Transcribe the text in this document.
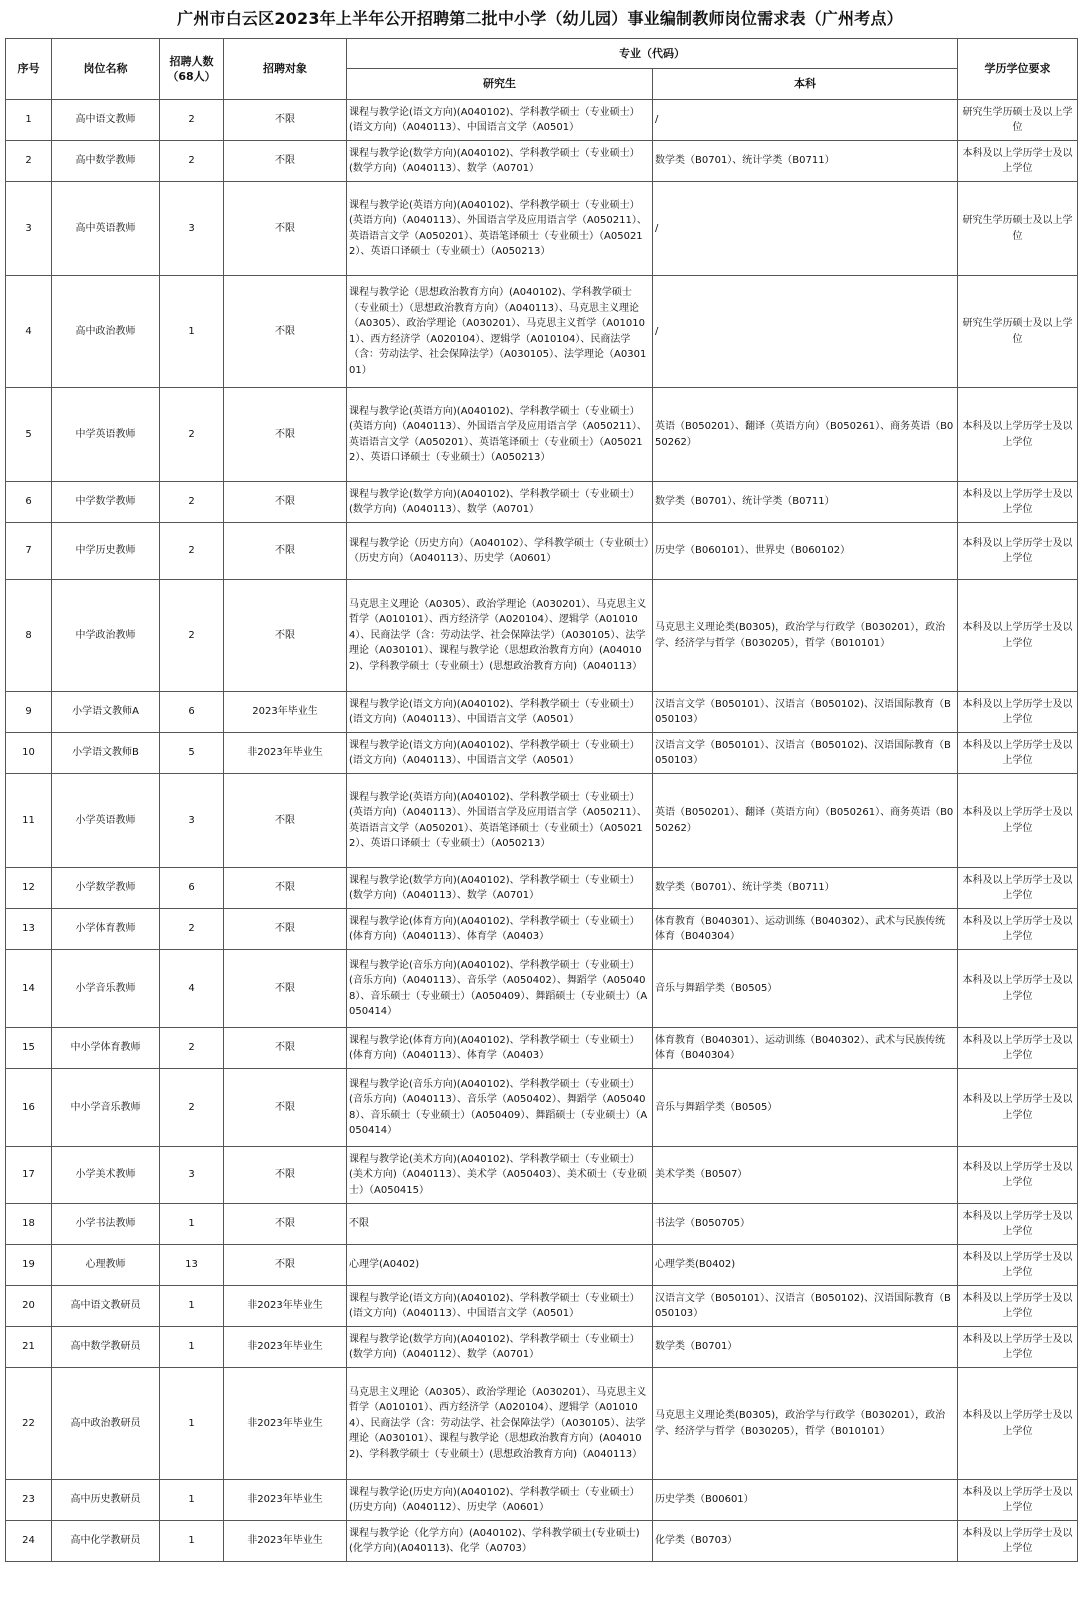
广州市白云区2023年上半年公开招聘第二批中小学（幼儿园）事业编制教师岗位需求表（广州考点）
序号	岗位名称	招聘人数（68人）	招聘对象	专业（代码）		学历学位要求
				研究生	本科	
1	高中语文教师	2	不限	课程与教学论(语文方向)(A040102)、学科教学硕士（专业硕士）(语文方向)（A040113）、中国语言文学（A0501）	/	研究生学历硕士及以上学位
2	高中数学教师	2	不限	课程与教学论(数学方向)(A040102)、学科教学硕士（专业硕士）(数学方向)（A040113）、数学（A0701）	数学类（B0701）、统计学类（B0711）	本科及以上学历学士及以上学位
3	高中英语教师	3	不限	课程与教学论(英语方向)(A040102)、学科教学硕士（专业硕士）(英语方向)（A040113）、外国语言学及应用语言学（A050211）、英语语言文学（A050201）、英语笔译硕士（专业硕士）（A050212）、英语口译硕士（专业硕士）（A050213）	/	研究生学历硕士及以上学位
4	高中政治教师	1	不限	课程与教学论（思想政治教育方向）(A040102)、学科教学硕士（专业硕士）（思想政治教育方向）（A040113）、马克思主义理论（A0305）、政治学理论（A030201）、马克思主义哲学（A010101）、西方经济学（A020104）、逻辑学（A010104）、民商法学（含：劳动法学、社会保障法学）（A030105）、法学理论（A030101）	/	研究生学历硕士及以上学位
5	中学英语教师	2	不限	课程与教学论(英语方向)(A040102)、学科教学硕士（专业硕士）(英语方向)（A040113）、外国语言学及应用语言学（A050211）、英语语言文学（A050201）、英语笔译硕士（专业硕士）（A050212）、英语口译硕士（专业硕士）（A050213）	英语（B050201）、翻译（英语方向）（B050261）、商务英语（B050262）	本科及以上学历学士及以上学位
6	中学数学教师	2	不限	课程与教学论(数学方向)(A040102)、学科教学硕士（专业硕士）(数学方向)（A040113）、数学（A0701）	数学类（B0701）、统计学类（B0711）	本科及以上学历学士及以上学位
7	中学历史教师	2	不限	课程与教学论（历史方向）（A040102）、学科教学硕士（专业硕士）（历史方向）（A040113）、历史学（A0601）	历史学（B060101）、世界史（B060102）	本科及以上学历学士及以上学位
8	中学政治教师	2	不限	马克思主义理论（A0305）、政治学理论（A030201）、马克思主义哲学（A010101）、西方经济学（A020104）、逻辑学（A010104）、民商法学（含：劳动法学、社会保障法学）（A030105）、法学理论（A030101）、课程与教学论（思想政治教育方向）(A040102)、学科教学硕士（专业硕士）(思想政治教育方向)（A040113）	马克思主义理论类(B0305)，政治学与行政学（B030201），政治学、经济学与哲学（B030205），哲学（B010101）	本科及以上学历学士及以上学位
9	小学语文教师A	6	2023年毕业生	课程与教学论(语文方向)(A040102)、学科教学硕士（专业硕士）(语文方向)（A040113）、中国语言文学（A0501）	汉语言文学（B050101）、汉语言（B050102)、汉语国际教育（B050103）	本科及以上学历学士及以上学位
10	小学语文教师B	5	非2023年毕业生	课程与教学论(语文方向)(A040102)、学科教学硕士（专业硕士）(语文方向)（A040113）、中国语言文学（A0501）	汉语言文学（B050101）、汉语言（B050102)、汉语国际教育（B050103）	本科及以上学历学士及以上学位
11	小学英语教师	3	不限	课程与教学论(英语方向)(A040102)、学科教学硕士（专业硕士）(英语方向)（A040113）、外国语言学及应用语言学（A050211）、英语语言文学（A050201）、英语笔译硕士（专业硕士）（A050212）、英语口译硕士（专业硕士）（A050213）	英语（B050201）、翻译（英语方向）（B050261）、商务英语（B050262）	本科及以上学历学士及以上学位
12	小学数学教师	6	不限	课程与教学论(数学方向)(A040102)、学科教学硕士（专业硕士）(数学方向)（A040113）、数学（A0701）	数学类（B0701）、统计学类（B0711）	本科及以上学历学士及以上学位
13	小学体育教师	2	不限	课程与教学论(体育方向)(A040102)、学科教学硕士（专业硕士）(体育方向)（A040113）、体育学（A0403）	体育教育（B040301）、运动训练（B040302）、武术与民族传统体育（B040304）	本科及以上学历学士及以上学位
14	小学音乐教师	4	不限	课程与教学论(音乐方向)(A040102)、学科教学硕士（专业硕士）(音乐方向)（A040113）、音乐学（A050402）、舞蹈学（A050408）、音乐硕士（专业硕士）（A050409）、舞蹈硕士（专业硕士）（A050414）	音乐与舞蹈学类（B0505）	本科及以上学历学士及以上学位
15	中小学体育教师	2	不限	课程与教学论(体育方向)(A040102)、学科教学硕士（专业硕士）(体育方向)（A040113）、体育学（A0403）	体育教育（B040301）、运动训练（B040302）、武术与民族传统体育（B040304）	本科及以上学历学士及以上学位
16	中小学音乐教师	2	不限	课程与教学论(音乐方向)(A040102)、学科教学硕士（专业硕士）(音乐方向)（A040113）、音乐学（A050402）、舞蹈学（A050408）、音乐硕士（专业硕士）（A050409）、舞蹈硕士（专业硕士）（A050414）	音乐与舞蹈学类（B0505）	本科及以上学历学士及以上学位
17	小学美术教师	3	不限	课程与教学论(美术方向)(A040102)、学科教学硕士（专业硕士）(美术方向)（A040113）、美术学（A050403）、美术硕士（专业硕士）（A050415）	美术学类（B0507）	本科及以上学历学士及以上学位
18	小学书法教师	1	不限	不限	书法学（B050705）	本科及以上学历学士及以上学位
19	心理教师	13	不限	心理学(A0402)	心理学类(B0402)	本科及以上学历学士及以上学位
20	高中语文教研员	1	非2023年毕业生	课程与教学论(语文方向)(A040102)、学科教学硕士（专业硕士）(语文方向)（A040113）、中国语言文学（A0501）	汉语言文学（B050101）、汉语言（B050102)、汉语国际教育（B050103）	本科及以上学历学士及以上学位
21	高中数学教研员	1	非2023年毕业生	课程与教学论(数学方向)(A040102)、学科教学硕士（专业硕士）(数学方向)（A040112）、数学（A0701）	数学类（B0701）	本科及以上学历学士及以上学位
22	高中政治教研员	1	非2023年毕业生	马克思主义理论（A0305）、政治学理论（A030201）、马克思主义哲学（A010101）、西方经济学（A020104）、逻辑学（A010104）、民商法学（含：劳动法学、社会保障法学）（A030105）、法学理论（A030101）、课程与教学论（思想政治教育方向）(A040102)、学科教学硕士（专业硕士）(思想政治教育方向)（A040113）	马克思主义理论类(B0305)，政治学与行政学（B030201），政治学、经济学与哲学（B030205），哲学（B010101）	本科及以上学历学士及以上学位
23	高中历史教研员	1	非2023年毕业生	课程与教学论(历史方向)(A040102)、学科教学硕士（专业硕士）(历史方向)（A040112）、历史学（A0601）	历史学类（B00601）	本科及以上学历学士及以上学位
24	高中化学教研员	1	非2023年毕业生	课程与教学论（化学方向）(A040102)、学科教学硕士(专业硕士)(化学方向)(A040113)、化学（A0703）	化学类（B0703）	本科及以上学历学士及以上学位
